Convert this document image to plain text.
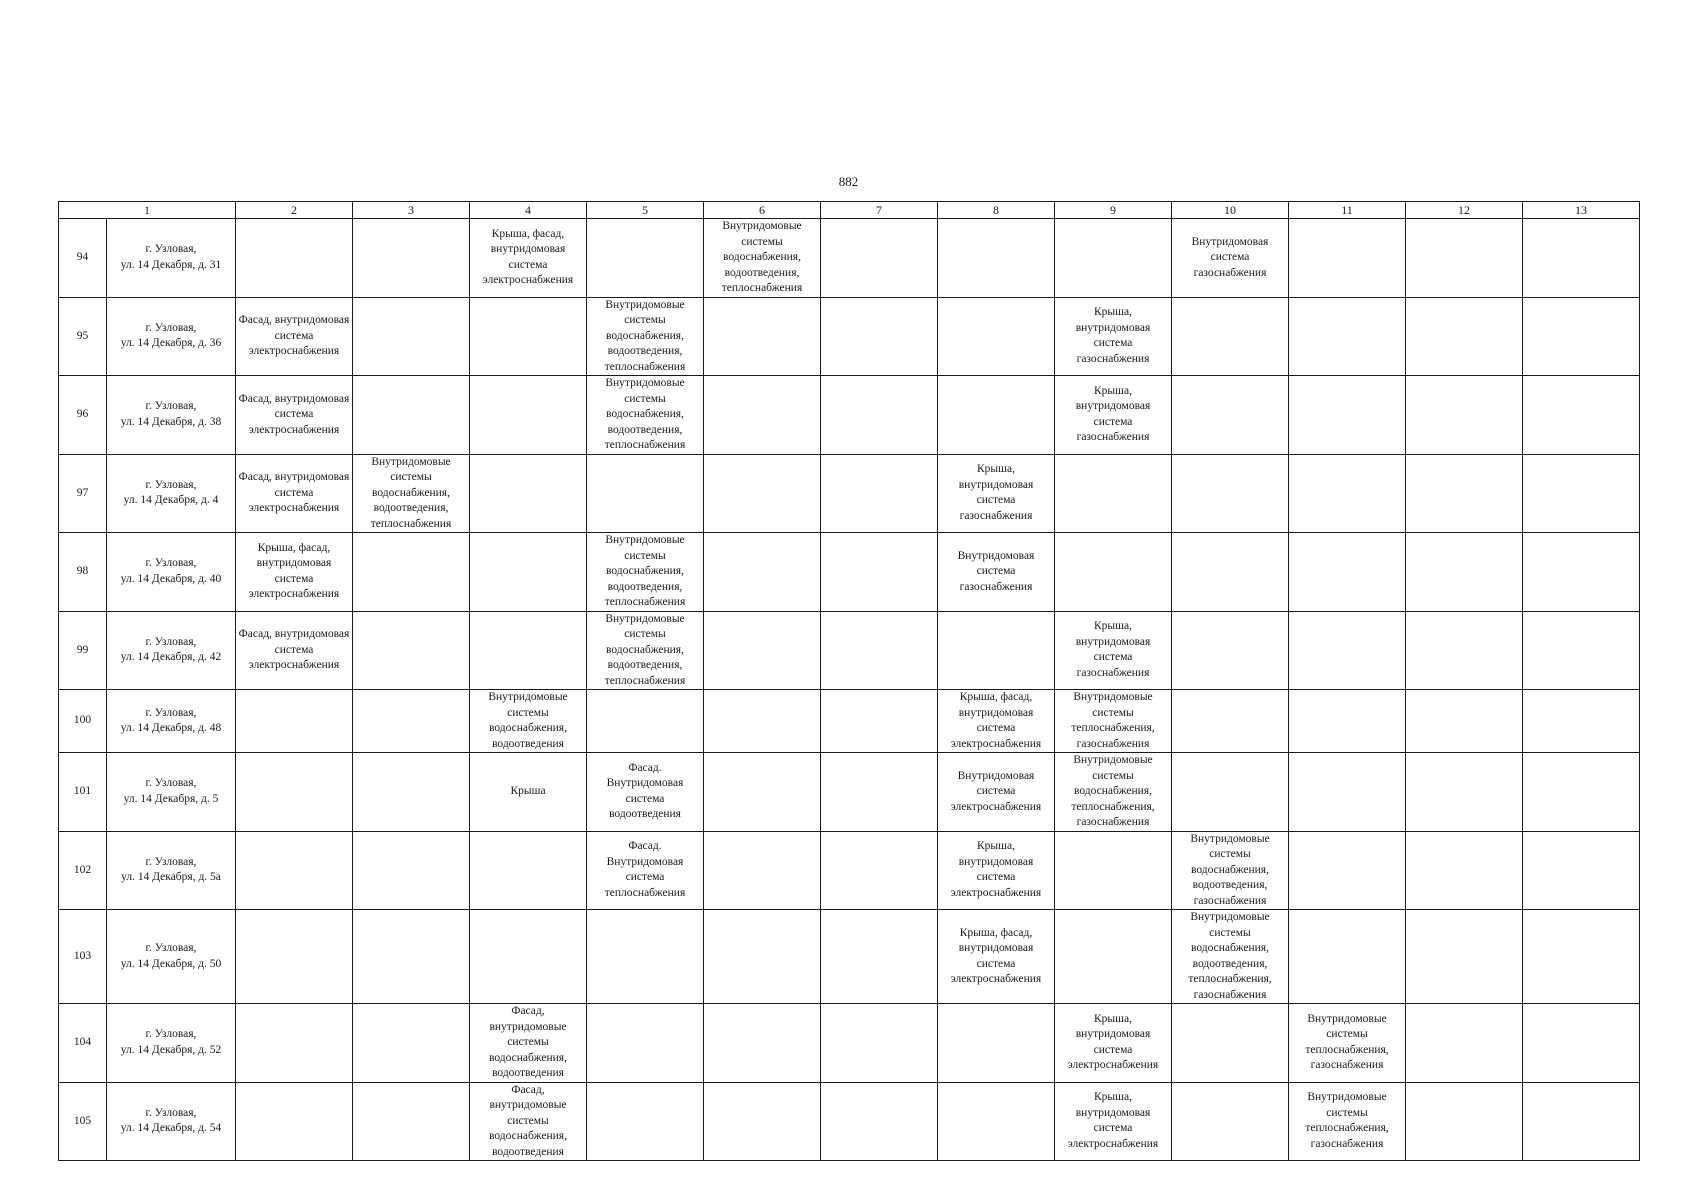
882
1		2	3	4	5	6	7	8	9	10	11	12	13
94	г. Узловая,
ул. 14 Декабря, д. 31			Крыша, фасад, внутридомовая система электроснабжения		Внутридомовые системы водоснабжения, водоотведения, теплоснабжения				Внутридомовая система газоснабжения			

95	г. Узловая,
ул. 14 Декабря, д. 36	Фасад, внутридомовая система электроснабжения			Внутридомовые системы водоснабжения, водоотведения, теплоснабжения				Крыша, внутридомовая система газоснабжения				

96	г. Узловая,
ул. 14 Декабря, д. 38	Фасад, внутридомовая система электроснабжения			Внутридомовые системы водоснабжения, водоотведения, теплоснабжения				Крыша, внутридомовая система газоснабжения				

97	г. Узловая,
ул. 14 Декабря, д. 4	Фасад, внутридомовая система электроснабжения	Внутридомовые системы водоснабжения, водоотведения, теплоснабжения					Крыша, внутридомовая система газоснабжения					

98	г. Узловая,
ул. 14 Декабря, д. 40	Крыша, фасад, внутридомовая система электроснабжения			Внутридомовые системы водоснабжения, водоотведения, теплоснабжения			Внутридомовая система газоснабжения					

99	г. Узловая,
ул. 14 Декабря, д. 42	Фасад, внутридомовая система электроснабжения			Внутридомовые системы водоснабжения, водоотведения, теплоснабжения				Крыша, внутридомовая система газоснабжения				

100	г. Узловая,
ул. 14 Декабря, д. 48			Внутридомовые системы водоснабжения, водоотведения				Крыша, фасад, внутридомовая система электроснабжения	Внутридомовые системы теплоснабжения, газоснабжения				

101	г. Узловая,
ул. 14 Декабря, д. 5			Крыша	Фасад. Внутридомовая система водоотведения			Внутридомовая система электроснабжения	Внутридомовые системы водоснабжения, теплоснабжения, газоснабжения				

102	г. Узловая,
ул. 14 Декабря, д. 5а				Фасад. Внутридомовая система теплоснабжения			Крыша, внутридомовая система электроснабжения		Внутридомовые системы водоснабжения, водоотведения, газоснабжения			

103	г. Узловая,
ул. 14 Декабря, д. 50							Крыша, фасад, внутридомовая система электроснабжения		Внутридомовые системы водоснабжения, водоотведения, теплоснабжения, газоснабжения			

104	г. Узловая,
ул. 14 Декабря, д. 52			Фасад, внутридомовые системы водоснабжения, водоотведения					Крыша, внутридомовая система электроснабжения		Внутридомовые системы теплоснабжения, газоснабжения		

105	г. Узловая,
ул. 14 Декабря, д. 54			Фасад, внутридомовые системы водоснабжения, водоотведения					Крыша, внутридомовая система электроснабжения		Внутридомовые системы теплоснабжения, газоснабжения		
